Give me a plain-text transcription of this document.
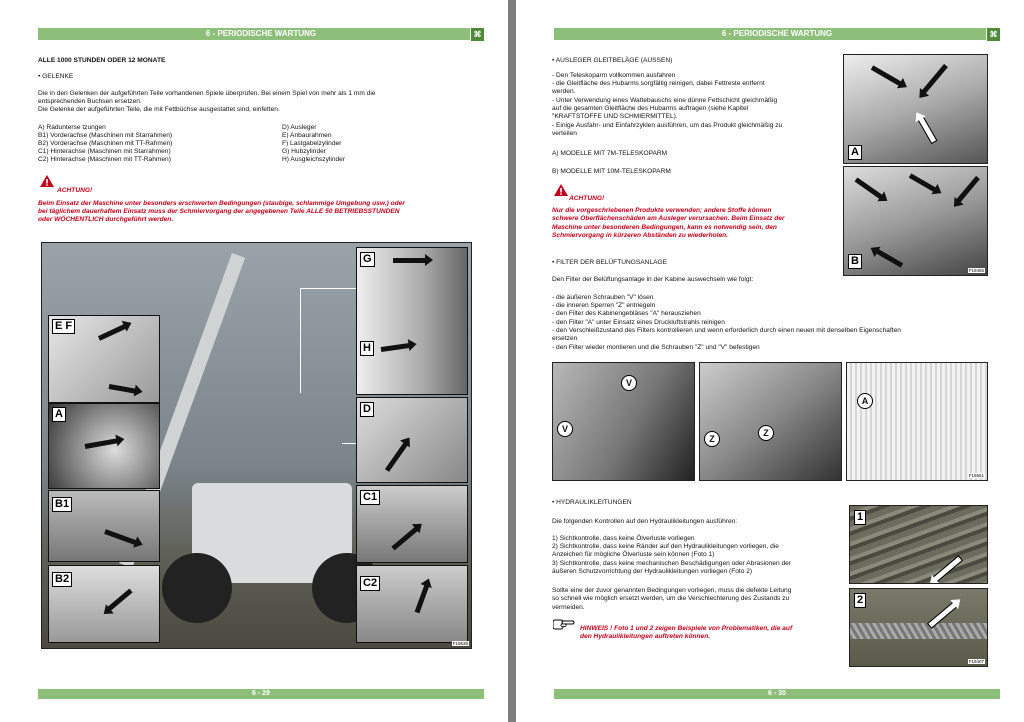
6 - PERIODISCHE WARTUNG	⌘
ALLE 1000 STUNDEN ODER 12 MONATE
• GELENKE
Die in den Gelenken der aufgeführten Teile vorhandenen Spiele überprüfen. Bei einem Spiel von mehr als 1 mm die
entsprechenden Buchsen ersetzen.
Die Gelenke der aufgeführten Teile, die mit Fettbüchse ausgestattet sind, einfetten.
A) Radunterse tzungen
B1) Vorderachse (Maschinen mit Starrahmen)
B2) Vorderachse (Maschinen mit TT-Rahmen)
C1) Hinterachse (Maschinen mit Starrahmen)
C2) Hinterachse (Maschinen mit TT-Rahmen)
D) Ausleger
E) Anbaurahmen
F) Lastgabelzylinder
G) Hubzylinder
H) Ausgleichszylinder
ACHTUNG!
Beim Einsatz der Maschine unter besonders erschwerten Bedingungen (staubige, schlammige Umgebung usw.) oder
bei täglichem dauerhaftem Einsatz muss der Schmiervorgang der angegebenen Teile ALLE 50 BETRIEBSSTUNDEN
oder WÖCHENTLICH durchgeführt werden.
E F
A
B1
B2
G
H
D
C1
C2
F19538
6 - 29
6 - PERIODISCHE WARTUNG	⌘
• AUSLEGER GLEITBELÄGE (AUSSEN)
- Den Teleskoparm vollkommen ausfahren
- die Gleitfläche des Hubarms sorgfältig reinigen, dabei Fettreste entfernt
werden.
- Unter Verwendung eines Wattebauschs eine dünne Fettschicht gleichmäßig
auf die gesamten Gleitfläche des Hubarms auftragen (siehe Kapitel
"KRAFTSTOFFE UND SCHMIERMITTEL).
- Einige Ausfahr- und Einfahrzyklen ausführen, um das Produkt gleichmäßig zu
verteilen
A) MODELLE MIT 7M-TELESKOPARM
B) MODELLE MIT 10M-TELESKOPARM
ACHTUNG!
Nur die vorgeschriebenen Produkte verwenden; andere Stoffe können
schwere Oberflächenschäden am Ausleger verursachen. Beim Einsatz der
Maschine unter besonderen Bedingungen, kann es notwendig sein, den
Schmiervorgang in kürzeren Abständen zu wiederholen.
A
B
F19455
• FILTER DER BELÜFTUNGSANLAGE
Den Filter der Belüftungsanlage in der Kabine auswechseln wie folgt:
- die äußeren Schrauben "V" lösen
- die inneren Sperren "Z" entriegeln
- den Filter des Kabinengebläses "A" herausziehen
- den Filter "A" unter Einsatz eines Druckluftstrahls reinigen
- den Verschleißzustand des Filters kontrollieren und wenn erforderlich durch einen neuen mit denselben Eigenschaften
ersetzen
- den Filter wieder montieren und die Schrauben "Z" und "V" befestigen
V
V
Z
Z
A
F19551
• HYDRAULIKLEITUNGEN
Die folgenden Kontrollen auf den Hydraulikleitungen ausführen:
1) Sichtkontrolle, dass keine Ölverluste vorliegen
2) Sichtkontrolle, dass keine Ränder auf den Hydraulikleitungen vorliegen, die
Anzeichen für mögliche Ölverluste sein können (Foto 1)
3) Sichtkontrolle, dass keine mechanischen Beschädigungen oder Abrasionen der
äußeren Schutzvorrichtung der Hydraulikleitungen vorliegen (Foto 2)
Sollte eine der zuvor genannten Bedingungen vorliegen, muss die defekte Leitung
so schnell wie möglich ersetzt werden, um die Verschlechterung des Zustands zu
vermeiden.
HINWEIS ! Foto 1 und 2 zeigen Beispiele von Problematiken, die auf
den Hydraulikleitungen auftreten können.
1
2
F19407
6 - 30
